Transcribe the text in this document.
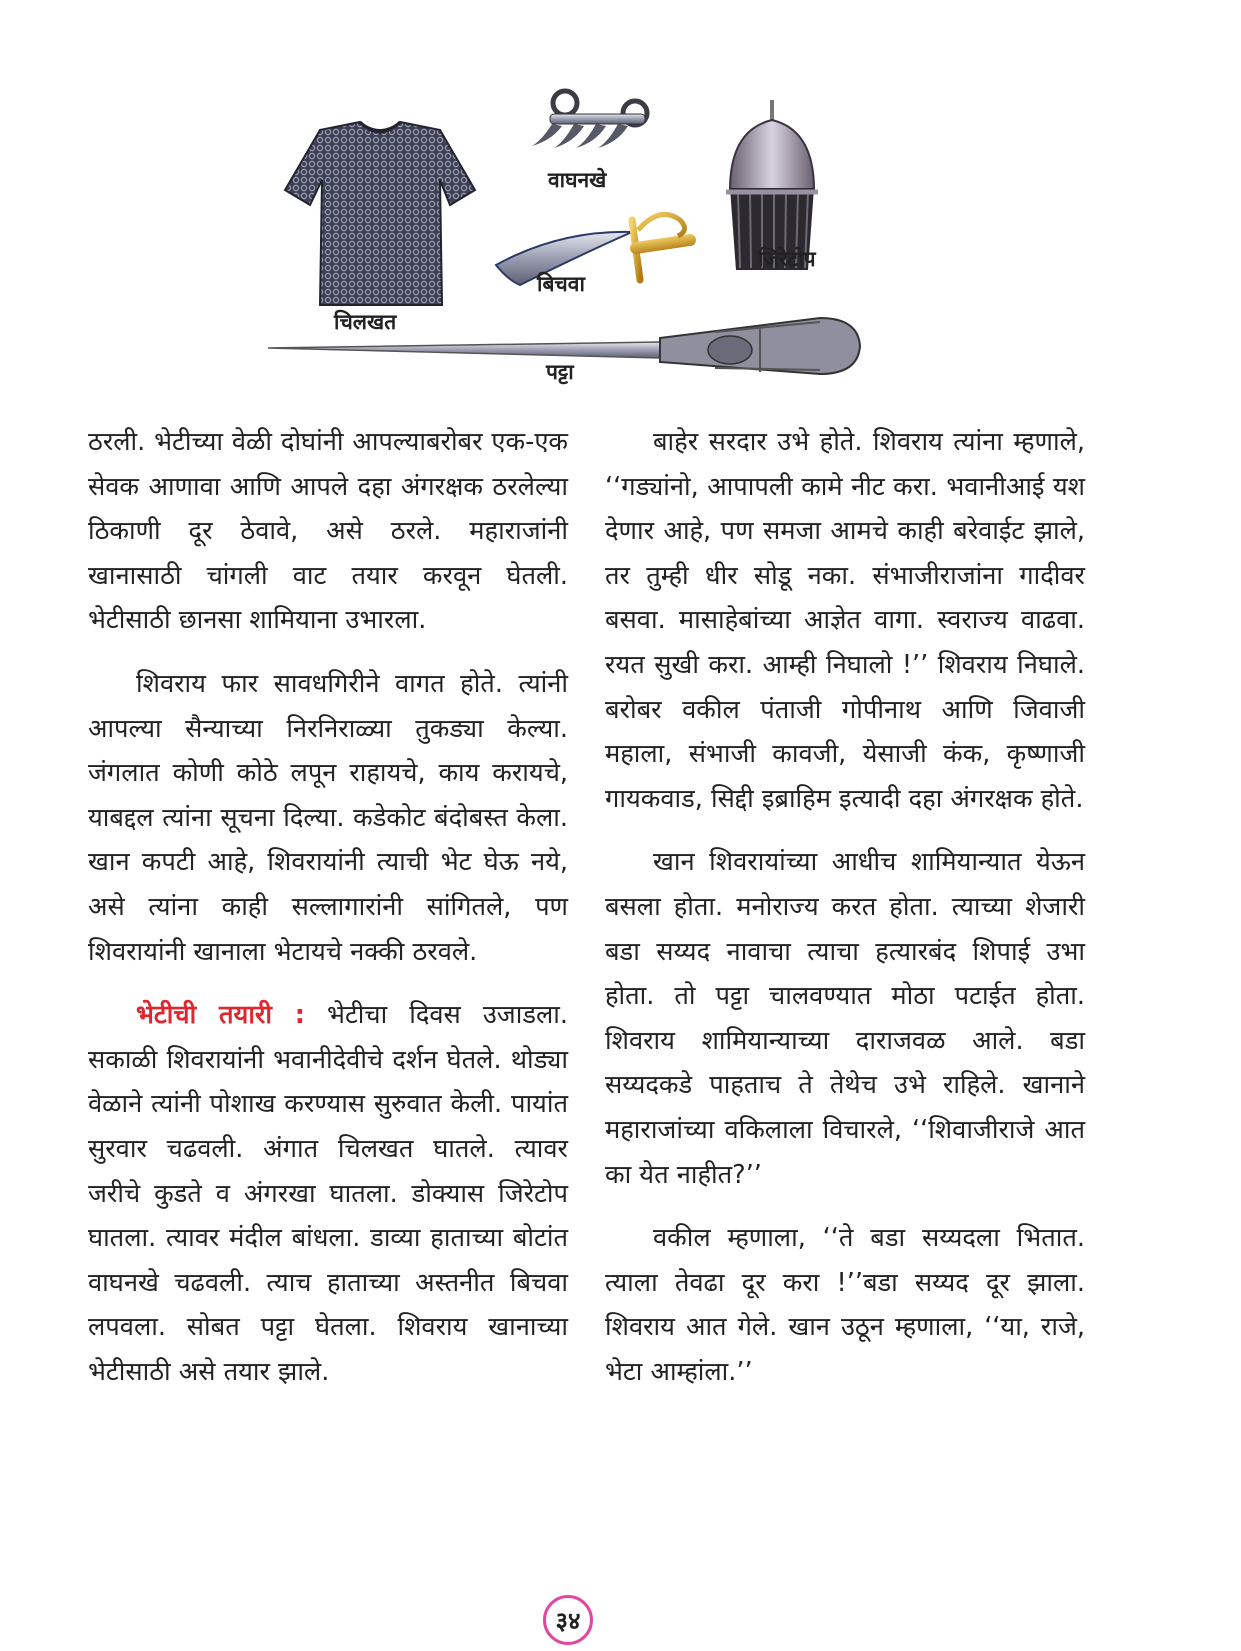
चिलखत
वाघनखे
जिरेटोप
बिचवा
पट्टा

ठरली. भेटीच्या वेळी दोघांनी आपल्याबरोबर एक-एक सेवक आणावा आणि आपले दहा अंगरक्षक ठरलेल्या ठिकाणी दूर ठेवावे, असे ठरले. महाराजांनी खानासाठी चांगली वाट तयार करवून घेतली. भेटीसाठी छानसा शामियाना उभारला.

शिवराय फार सावधगिरीने वागत होते. त्यांनी आपल्या सैन्याच्या निरनिराळ्या तुकड्या केल्या. जंगलात कोणी कोठे लपून राहायचे, काय करायचे, याबद्दल त्यांना सूचना दिल्या. कडेकोट बंदोबस्त केला. खान कपटी आहे, शिवरायांनी त्याची भेट घेऊ नये, असे त्यांना काही सल्लागारांनी सांगितले, पण शिवरायांनी खानाला भेटायचे नक्की ठरवले.

भेटीची तयारी : भेटीचा दिवस उजाडला. सकाळी शिवरायांनी भवानीदेवीचे दर्शन घेतले. थोड्या वेळाने त्यांनी पोशाख करण्यास सुरुवात केली. पायांत सुरवार चढवली. अंगात चिलखत घातले. त्यावर जरीचे कुडते व अंगरखा घातला. डोक्यास जिरेटोप घातला. त्यावर मंदील बांधला. डाव्या हाताच्या बोटांत वाघनखे चढवली. त्याच हाताच्या अस्तनीत बिचवा लपवला. सोबत पट्टा घेतला. शिवराय खानाच्या भेटीसाठी असे तयार झाले.

बाहेर सरदार उभे होते. शिवराय त्यांना म्हणाले, ‘‘गड्यांनो, आपापली कामे नीट करा. भवानीआई यश देणार आहे, पण समजा आमचे काही बरेवाईट झाले, तर तुम्ही धीर सोडू नका. संभाजीराजांना गादीवर बसवा. मासाहेबांच्या आज्ञेत वागा. स्वराज्य वाढवा. रयत सुखी करा. आम्ही निघालो !’’ शिवराय निघाले. बरोबर वकील पंताजी गोपीनाथ आणि जिवाजी महाला, संभाजी कावजी, येसाजी कंक, कृष्णाजी गायकवाड, सिद्दी इब्राहिम इत्यादी दहा अंगरक्षक होते.

खान शिवरायांच्या आधीच शामियान्यात येऊन बसला होता. मनोराज्य करत होता. त्याच्या शेजारी बडा सय्यद नावाचा त्याचा हत्यारबंद शिपाई उभा होता. तो पट्टा चालवण्यात मोठा पटाईत होता. शिवराय शामियान्याच्या दाराजवळ आले. बडा सय्यदकडे पाहताच ते तेथेच उभे राहिले. खानाने महाराजांच्या वकिलाला विचारले, ‘‘शिवाजीराजे आत का येत नाहीत?’’

वकील म्हणाला, ‘‘ते बडा सय्यदला भितात. त्याला तेवढा दूर करा !’’बडा सय्यद दूर झाला. शिवराय आत गेले. खान उठून म्हणाला, ‘‘या, राजे, भेटा आम्हांला.’’

३४
